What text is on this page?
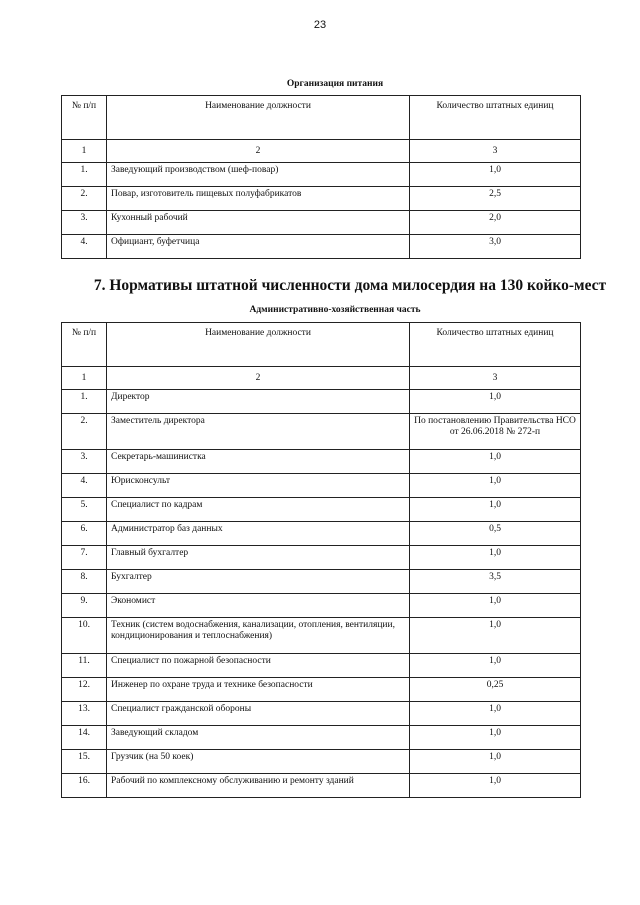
23
Организация питания
№ п/п	Наименование должности	Количество штатных единиц
1	2	3
1.	Заведующий производством (шеф-повар)	1,0
2.	Повар, изготовитель пищевых полуфабрикатов	2,5
3.	Кухонный рабочий	2,0
4.	Официант, буфетчица	3,0
7. Нормативы штатной численности дома милосердия на 130 койко-мест
Административно-хозяйственная часть
№ п/п	Наименование должности	Количество штатных единиц
1	2	3
1.	Директор	1,0
2.	Заместитель директора	По постановлению Правительства НСО от 26.06.2018 № 272-п
3.	Секретарь-машинистка	1,0
4.	Юрисконсульт	1,0
5.	Специалист по кадрам	1,0
6.	Администратор баз данных	0,5
7.	Главный бухгалтер	1,0
8.	Бухгалтер	3,5
9.	Экономист	1,0
10.	Техник (систем водоснабжения, канализации, отопления, вентиляции, кондиционирования и теплоснабжения)	1,0
11.	Специалист по пожарной безопасности	1,0
12.	Инженер по охране труда и технике безопасности	0,25
13.	Специалист гражданской обороны	1,0
14.	Заведующий складом	1,0
15.	Грузчик (на 50 коек)	1,0
16.	Рабочий по комплексному обслуживанию и ремонту зданий	1,0
